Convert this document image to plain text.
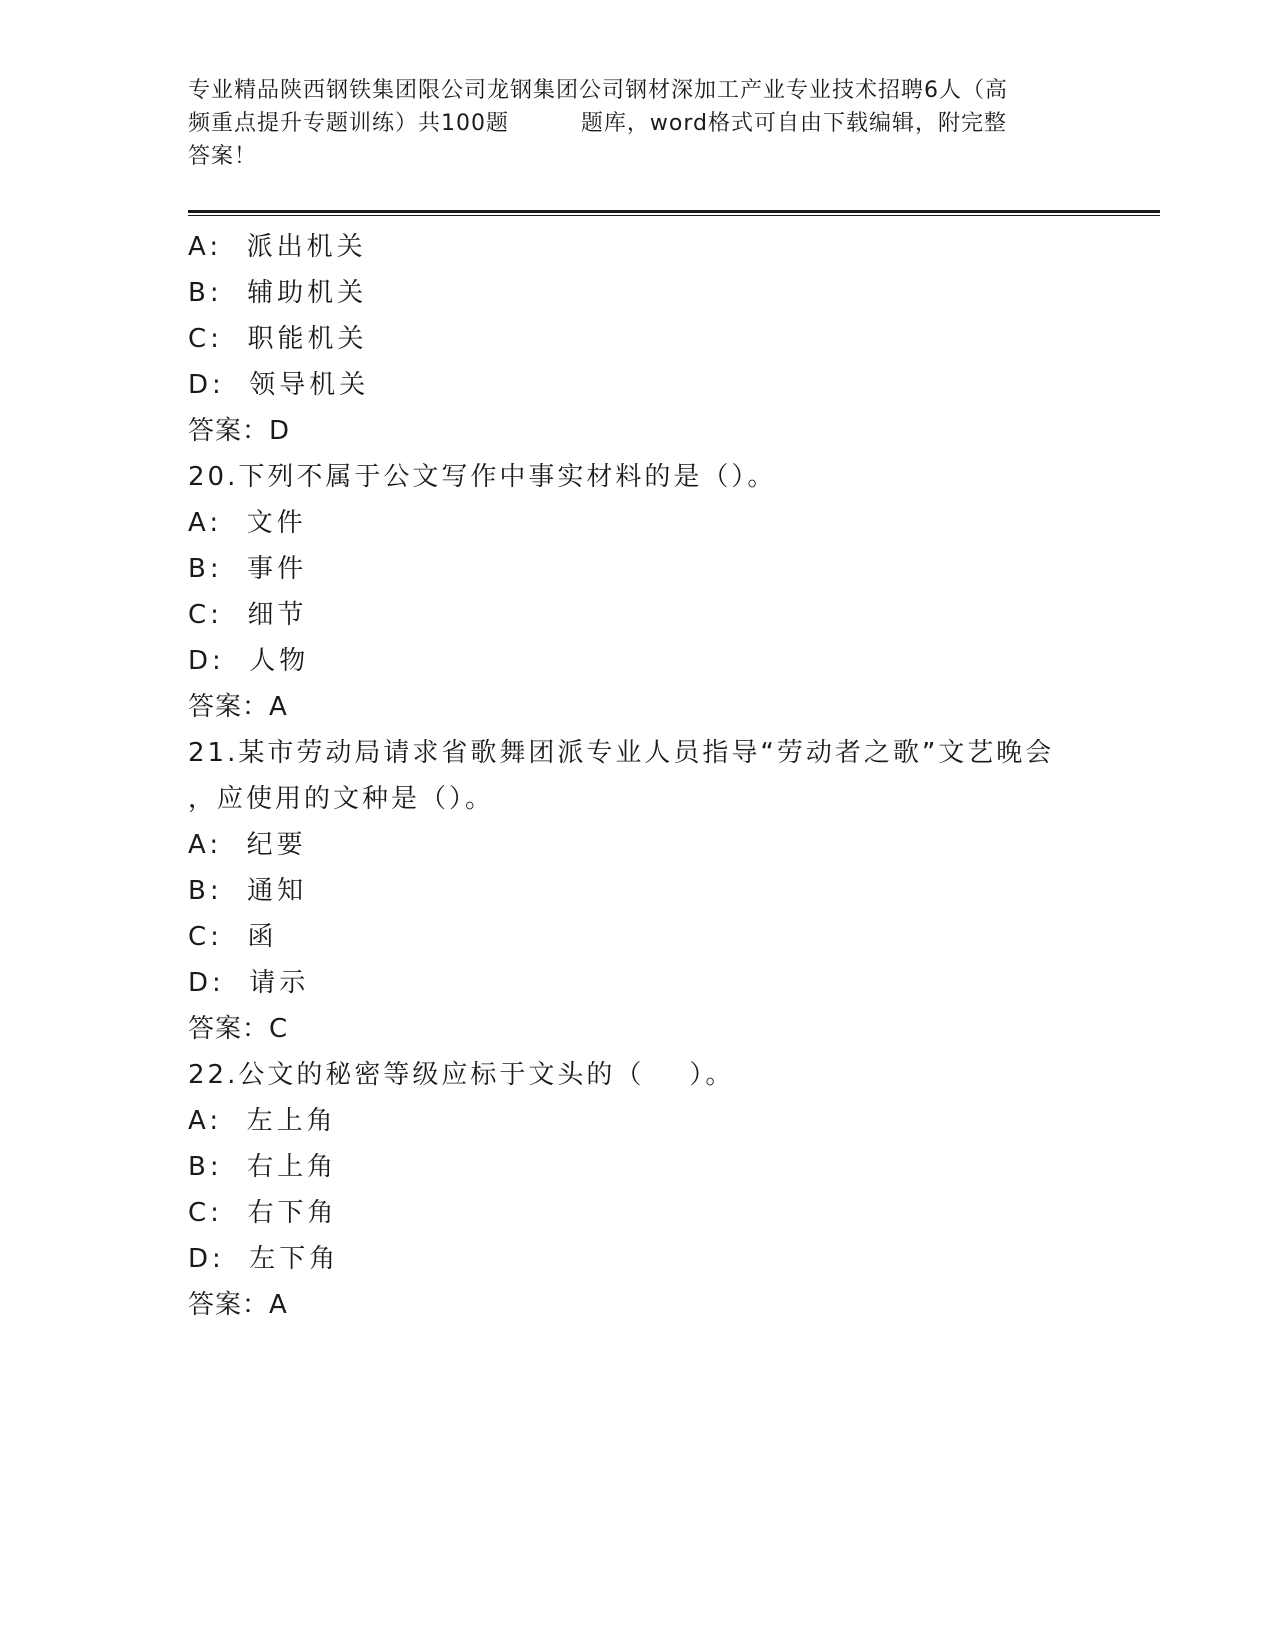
专业精品陕西钢铁集团限公司龙钢集团公司钢材深加工产业专业技术招聘6人（高
频重点提升专题训练）共100题         题库，word格式可自由下载编辑，附完整
答案！
A:  派出机关
B:  辅助机关
C:  职能机关
D:  领导机关
答案：D
20.下列不属于公文写作中事实材料的是（）。
A:  文件
B:  事件
C:  细节
D:  人物
答案：A
21.某市劳动局请求省歌舞团派专业人员指导“劳动者之歌”文艺晚会
，应使用的文种是（）。
A:  纪要
B:  通知
C:  函
D:  请示
答案：C
22.公文的秘密等级应标于文头的（    ）。
A:  左上角
B:  右上角
C:  右下角
D:  左下角
答案：A
